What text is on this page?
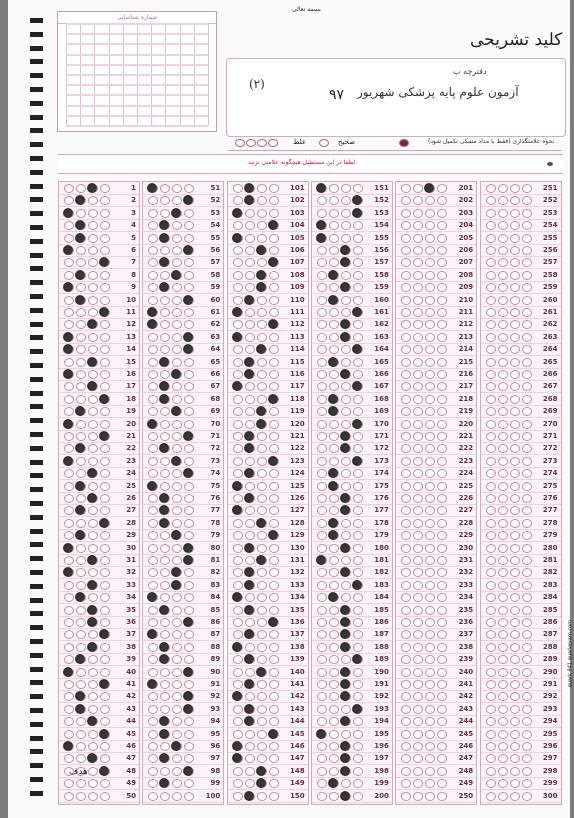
بسمه تعالی
شماره شناسایی
کلید تشریحی
(۲)
دفترچه ب
آزمون علوم پایه پزشکی شهریور
۹۷
صحیح
غلط	نحوه علامتگذاری (فقط با مداد مشکی تکمیل شود)
لطفا در این مستطیل هیچگونه علامتی نزنید.
1
2
3
4
5
6
7
8
9
10
11
12
13
14
15
16
17
18
19
20
21
22
23
24
25
26
27
28
29
30
31
32
33
34
35
36
37
38
39
40
41
42
43
44
45
46
47
48
49
50
51
52
53
54
55
56
57
58
59
60
61
62
63
64
65
66
67
68
69
70
71
72
73
74
75
76
77
78
79
80
81
82
83
84
85
86
87
88
89
90
91
92
93
94
95
96
97
98
99
100
101
102
103
104
105
106
107
108
109
110
111
112
113
114
115
116
117
118
119
120
121
122
123
124
125
126
127
128
129
130
131
132
133
134
135
136
137
138
139
140
141
142
143
144
145
146
147
148
149
150
151
152
153
154
155
156
157
158
159
160
161
162
163
164
165
166
167
168
169
170
171
172
173
174
175
176
177
178
179
180
181
182
183
184
185
186
187
188
189
190
191
192
193
194
195
196
197
198
199
200
201
202
203
204
205
206
207
208
209
210
211
212
213
214
215
216
217
218
219
220
221
222
223
224
225
226
227
228
229
230
231
232
233
234
235
236
237
238
239
240
241
242
243
244
245
246
247
248
249
250
251
252
253
254
255
256
257
258
259
260
261
262
263
264
265
266
267
268
269
270
271
272
273
274
275
276
277
278
279
280
281
282
283
284
285
286
287
288
289
290
291
292
293
294
295
296
297
298
299
300
هدف
quark 841 quarkexam.com
